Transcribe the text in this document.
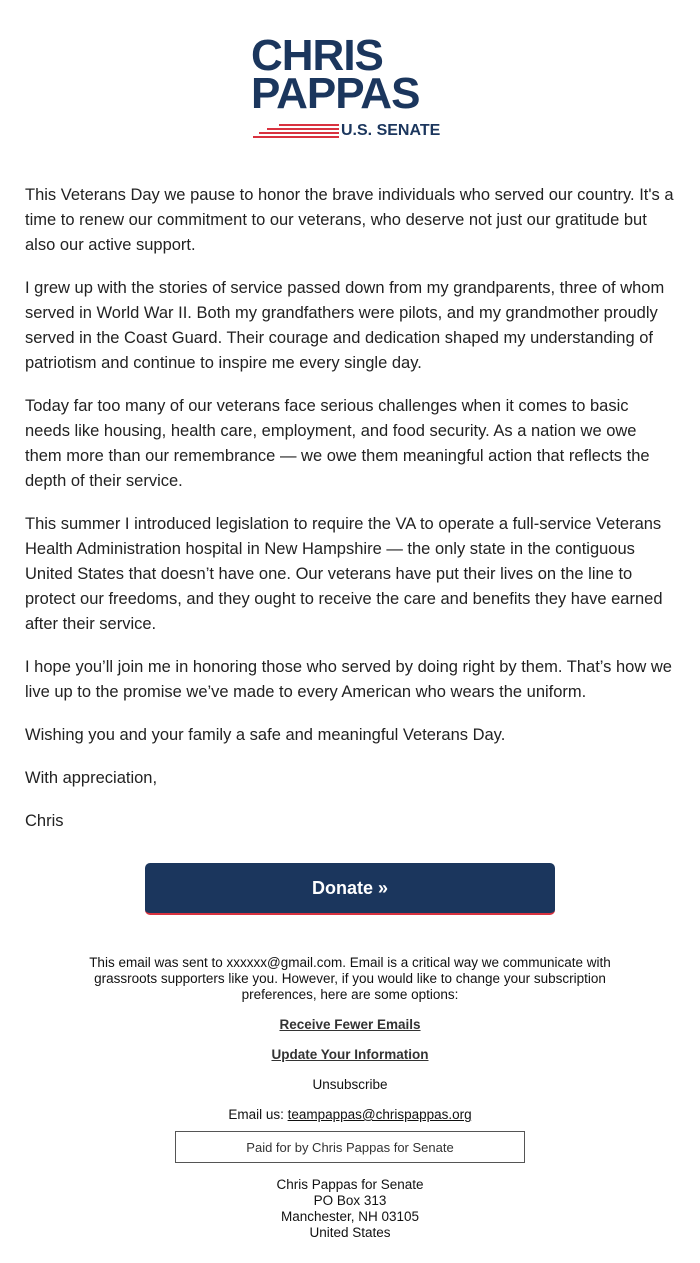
CHRIS
PAPPAS
U.S. SENATE

This Veterans Day we pause to honor the brave individuals who served our country. It's a time to renew our commitment to our veterans, who deserve not just our gratitude but also our active support.

I grew up with the stories of service passed down from my grandparents, three of whom served in World War II. Both my grandfathers were pilots, and my grandmother proudly served in the Coast Guard. Their courage and dedication shaped my understanding of patriotism and continue to inspire me every single day.

Today far too many of our veterans face serious challenges when it comes to basic needs like housing, health care, employment, and food security. As a nation we owe them more than our remembrance — we owe them meaningful action that reflects the depth of their service.

This summer I introduced legislation to require the VA to operate a full-service Veterans Health Administration hospital in New Hampshire — the only state in the contiguous United States that doesn’t have one. Our veterans have put their lives on the line to protect our freedoms, and they ought to receive the care and benefits they have earned after their service.

I hope you’ll join me in honoring those who served by doing right by them. That’s how we live up to the promise we’ve made to every American who wears the uniform.

Wishing you and your family a safe and meaningful Veterans Day.

With appreciation,

Chris

Donate »

This email was sent to xxxxxx@gmail.com. Email is a critical way we communicate with grassroots supporters like you. However, if you would like to change your subscription preferences, here are some options:

Receive Fewer Emails
Update Your Information
Unsubscribe
Email us: teampappas@chrispappas.org
Paid for by Chris Pappas for Senate
Chris Pappas for Senate
PO Box 313
Manchester, NH 03105
United States
